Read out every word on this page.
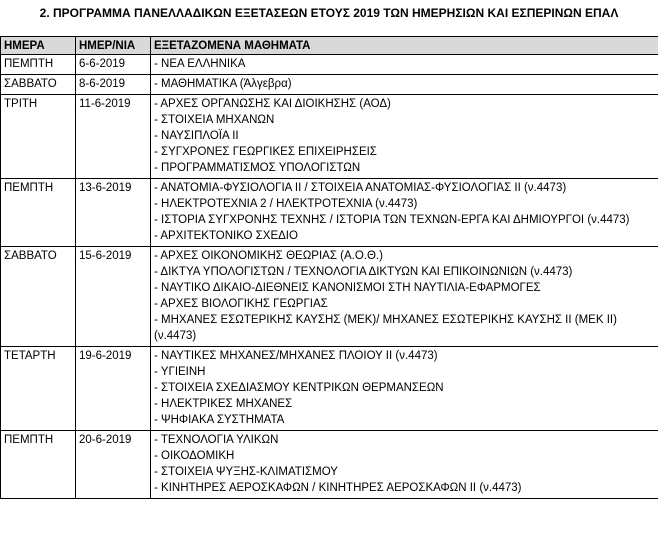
2. ΠΡΟΓΡΑΜΜΑ ΠΑΝΕΛΛΑΔΙΚΩΝ ΕΞΕΤΑΣΕΩΝ ΕΤΟΥΣ 2019 ΤΩΝ ΗΜΕΡΗΣΙΩΝ ΚΑΙ ΕΣΠΕΡΙΝΩΝ ΕΠΑΛ
ΗΜΕΡΑ	ΗΜΕΡ/ΝΙΑ	ΕΞΕΤΑΖΟΜΕΝΑ ΜΑΘΗΜΑΤΑ
ΠΕΜΠΤΗ	6-6-2019	- ΝΕΑ ΕΛΛΗΝΙΚΑ

ΣΑΒΒΑΤΟ	8-6-2019	- ΜΑΘΗΜΑΤΙΚΑ (Άλγεβρα)

ΤΡΙΤΗ	11-6-2019	- ΑΡΧΕΣ ΟΡΓΑΝΩΣΗΣ ΚΑΙ ΔΙΟΙΚΗΣΗΣ (ΑΟΔ)
- ΣΤΟΙΧΕΙΑ ΜΗΧΑΝΩΝ
- ΝΑΥΣΙΠΛΟΪΑ ΙΙ
- ΣΥΓΧΡΟΝΕΣ ΓΕΩΡΓΙΚΕΣ ΕΠΙΧΕΙΡΗΣΕΙΣ
- ΠΡΟΓΡΑΜΜΑΤΙΣΜΟΣ ΥΠΟΛΟΓΙΣΤΩΝ

ΠΕΜΠΤΗ	13-6-2019	- ΑΝΑΤΟΜΙΑ-ΦΥΣΙΟΛΟΓΙΑ ΙΙ / ΣΤΟΙΧΕΙΑ ΑΝΑΤΟΜΙΑΣ-ΦΥΣΙΟΛΟΓΙΑΣ ΙΙ (ν.4473)
- ΗΛΕΚΤΡΟΤΕΧΝΙΑ 2 / ΗΛΕΚΤΡΟΤΕΧΝΙΑ (ν.4473)
- ΙΣΤΟΡΙΑ ΣΥΓΧΡΟΝΗΣ ΤΕΧΝΗΣ / ΙΣΤΟΡΙΑ ΤΩΝ ΤΕΧΝΩΝ-ΕΡΓΑ ΚΑΙ ΔΗΜΙΟΥΡΓΟΙ (ν.4473)
- ΑΡΧΙΤΕΚΤΟΝΙΚΟ ΣΧΕΔΙΟ

ΣΑΒΒΑΤΟ	15-6-2019	- ΑΡΧΕΣ ΟΙΚΟΝΟΜΙΚΗΣ ΘΕΩΡΙΑΣ (Α.Ο.Θ.)
- ΔΙΚΤΥΑ ΥΠΟΛΟΓΙΣΤΩΝ / ΤΕΧΝΟΛΟΓΙΑ ΔΙΚΤΥΩΝ ΚΑΙ ΕΠΙΚΟΙΝΩΝΙΩΝ (ν.4473)
- ΝΑΥΤΙΚΟ ΔΙΚΑΙΟ-ΔΙΕΘΝΕΙΣ ΚΑΝΟΝΙΣΜΟΙ ΣΤΗ ΝΑΥΤΙΛΙΑ-ΕΦΑΡΜΟΓΕΣ
- ΑΡΧΕΣ ΒΙΟΛΟΓΙΚΗΣ ΓΕΩΡΓΙΑΣ
- ΜΗΧΑΝΕΣ ΕΣΩΤΕΡΙΚΗΣ ΚΑΥΣΗΣ (ΜΕΚ)/ ΜΗΧΑΝΕΣ ΕΣΩΤΕΡΙΚΗΣ ΚΑΥΣΗΣ ΙΙ (ΜΕΚ ΙΙ) (ν.4473)

ΤΕΤΑΡΤΗ	19-6-2019	- ΝΑΥΤΙΚΕΣ ΜΗΧΑΝΕΣ/ΜΗΧΑΝΕΣ ΠΛΟΙΟΥ ΙΙ (ν.4473)
- ΥΓΙΕΙΝΗ
- ΣΤΟΙΧΕΙΑ ΣΧΕΔΙΑΣΜΟΥ ΚΕΝΤΡΙΚΩΝ ΘΕΡΜΑΝΣΕΩΝ
- ΗΛΕΚΤΡΙΚΕΣ ΜΗΧΑΝΕΣ
- ΨΗΦΙΑΚΑ ΣΥΣΤΗΜΑΤΑ

ΠΕΜΠΤΗ	20-6-2019	- ΤΕΧΝΟΛΟΓΙΑ ΥΛΙΚΩΝ
- ΟΙΚΟΔΟΜΙΚΗ
- ΣΤΟΙΧΕΙΑ ΨΥΞΗΣ-ΚΛΙΜΑΤΙΣΜΟΥ
- ΚΙΝΗΤΗΡΕΣ ΑΕΡΟΣΚΑΦΩΝ / ΚΙΝΗΤΗΡΕΣ ΑΕΡΟΣΚΑΦΩΝ ΙΙ (ν.4473)
